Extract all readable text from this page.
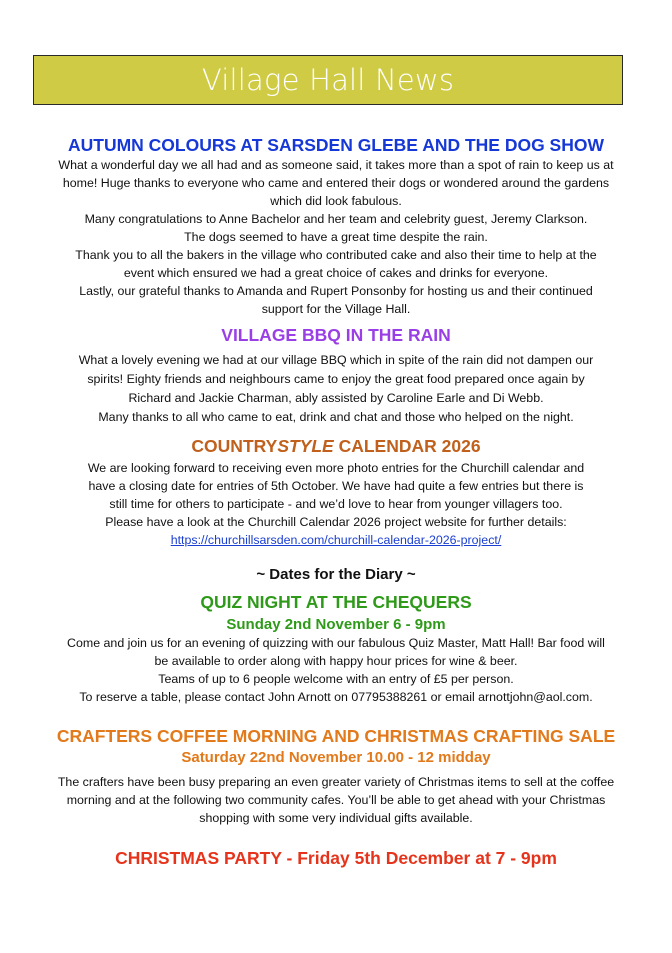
Village Hall News

AUTUMN COLOURS AT SARSDEN GLEBE AND THE DOG SHOW

What a wonderful day we all had and as someone said, it takes more than a spot of rain to keep us at

home! Huge thanks to everyone who came and entered their dogs or wondered around the gardens

which did look fabulous.

Many congratulations to Anne Bachelor and her team and celebrity guest, Jeremy Clarkson.

The dogs seemed to have a great time despite the rain.

Thank you to all the bakers in the village who contributed cake and also their time to help at the

event which ensured we had a great choice of cakes and drinks for everyone.

Lastly, our grateful thanks to Amanda and Rupert Ponsonby for hosting us and their continued

support for the Village Hall.

VILLAGE BBQ IN THE RAIN

What a lovely evening we had at our village BBQ which in spite of the rain did not dampen our

spirits! Eighty friends and neighbours came to enjoy the great food prepared once again by

Richard and Jackie Charman, ably assisted by Caroline Earle and Di Webb.

Many thanks to all who came to eat, drink and chat and those who helped on the night.

COUNTRYSTYLE CALENDAR 2026

We are looking forward to receiving even more photo entries for the Churchill calendar and

have a closing date for entries of 5th October. We have had quite a few entries but there is

still time for others to participate - and we’d love to hear from younger villagers too.

Please have a look at the Churchill Calendar 2026 project website for further details:

https://churchillsarsden.com/churchill-calendar-2026-project/

~ Dates for the Diary ~

QUIZ NIGHT AT THE CHEQUERS

Sunday 2nd November 6 - 9pm

Come and join us for an evening of quizzing with our fabulous Quiz Master, Matt Hall! Bar food will

be available to order along with happy hour prices for wine & beer.

Teams of up to 6 people welcome with an entry of £5 per person.

To reserve a table, please contact John Arnott on 07795388261 or email arnottjohn@aol.com.

CRAFTERS COFFEE MORNING AND CHRISTMAS CRAFTING SALE

Saturday 22nd November 10.00 - 12 midday

The crafters have been busy preparing an even greater variety of Christmas items to sell at the coffee

morning and at the following two community cafes. You’ll be able to get ahead with your Christmas

shopping with some very individual gifts available.

CHRISTMAS PARTY - Friday 5th December at 7 - 9pm
